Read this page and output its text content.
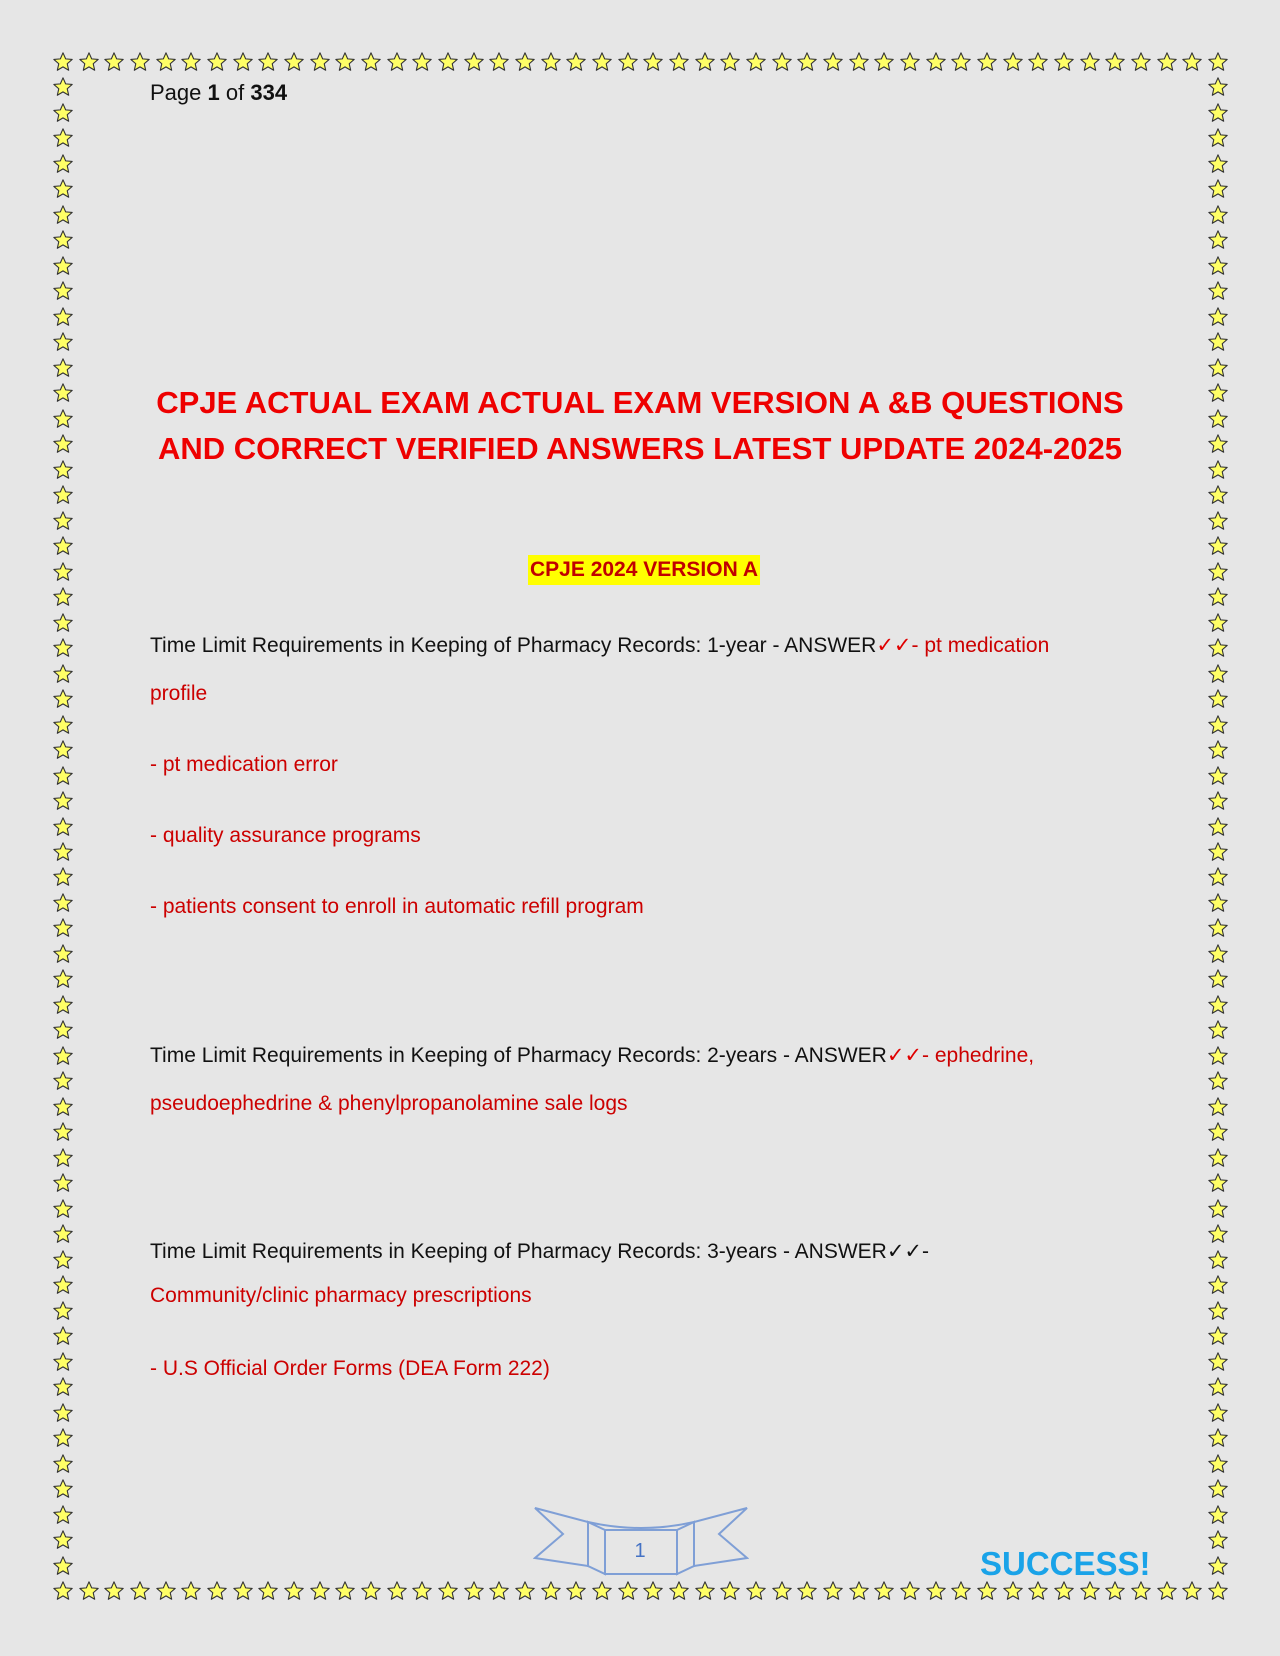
Page 1 of 334
CPJE ACTUAL EXAM ACTUAL EXAM VERSION A &B QUESTIONS
AND CORRECT VERIFIED ANSWERS LATEST UPDATE 2024-2025
CPJE 2024 VERSION A
Time Limit Requirements in Keeping of Pharmacy Records: 1-year - ANSWER✓✓- pt medication
profile
- pt medication error
- quality assurance programs
- patients consent to enroll in automatic refill program
Time Limit Requirements in Keeping of Pharmacy Records: 2-years - ANSWER✓✓- ephedrine,
pseudoephedrine & phenylpropanolamine sale logs
Time Limit Requirements in Keeping of Pharmacy Records: 3-years - ANSWER✓✓-
Community/clinic pharmacy prescriptions
- U.S Official Order Forms (DEA Form 222)
1	SUCCESS!
